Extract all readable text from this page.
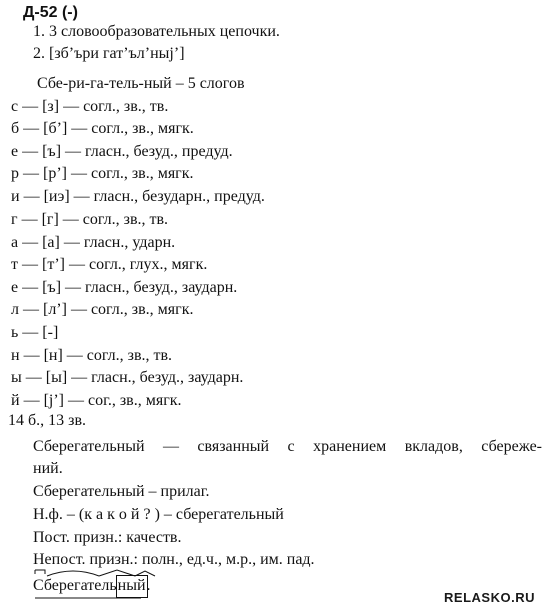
Д-52 (-)
1. 3 словообразовательных цепочки.
2. [зб’ъри гат’ъл’ныj’]
Сбе-ри-га-тель-ный – 5 слогов
с — [з] — согл., зв., тв.
б — [б’] — согл., зв., мягк.
е — [ъ] — гласн., безуд., предуд.
р — [р’] — согл., зв., мягк.
и — [иэ] — гласн., безударн., предуд.
г — [г] — согл., зв., тв.
а — [а] — гласн., ударн.
т — [т’] — согл., глух., мягк.
е — [ъ] — гласн., безуд., заударн.
л — [л’] — согл., зв., мягк.
ь — [-]
н — [н] — согл., зв., тв.
ы — [ы] — гласн., безуд., заударн.
й — [j’] — сог., зв., мягк.
14 б., 13 зв.
Сберегательный — связанный с хранением вкладов, сбереже-
ний.
Сберегательный – прилаг.
Н.ф. – (к а к о й ? ) – сберегательный
Пост. призн.: качеств.
Непост. призн.: полн., ед.ч., м.р., им. пад.
Сберегательный
.
RELASKO.RU
